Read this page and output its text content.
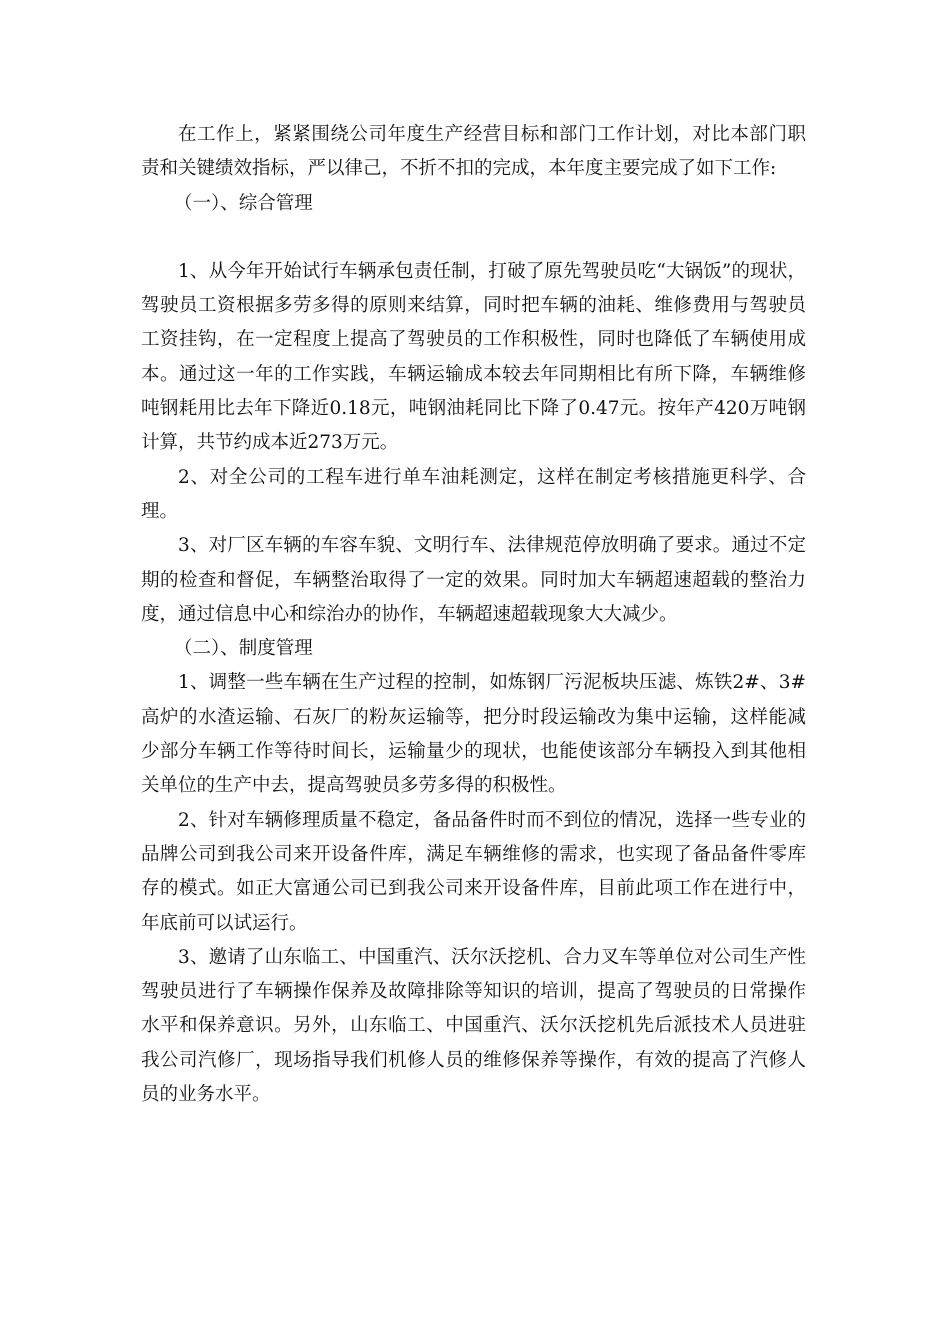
在工作上，紧紧围绕公司年度生产经营目标和部门工作计划，对比本部门职责和关键绩效指标，严以律己，不折不扣的完成，本年度主要完成了如下工作:

（一）、综合管理

1、从今年开始试行车辆承包责任制，打破了原先驾驶员吃“大锅饭”的现状，驾驶员工资根据多劳多得的原则来结算，同时把车辆的油耗、维修费用与驾驶员工资挂钩，在一定程度上提高了驾驶员的工作积极性，同时也降低了车辆使用成本。通过这一年的工作实践，车辆运输成本较去年同期相比有所下降，车辆维修吨钢耗用比去年下降近0.18元，吨钢油耗同比下降了0.47元。按年产420万吨钢计算，共节约成本近273万元。

2、对全公司的工程车进行单车油耗测定，这样在制定考核措施更科学、合理。

3、对厂区车辆的车容车貌、文明行车、法律规范停放明确了要求。通过不定期的检查和督促，车辆整治取得了一定的效果。同时加大车辆超速超载的整治力度，通过信息中心和综治办的协作，车辆超速超载现象大大减少。

（二）、制度管理

1、调整一些车辆在生产过程的控制，如炼钢厂污泥板块压滤、炼铁2#、3#高炉的水渣运输、石灰厂的粉灰运输等，把分时段运输改为集中运输，这样能减少部分车辆工作等待时间长，运输量少的现状，也能使该部分车辆投入到其他相关单位的生产中去，提高驾驶员多劳多得的积极性。

2、针对车辆修理质量不稳定，备品备件时而不到位的情况，选择一些专业的品牌公司到我公司来开设备件库，满足车辆维修的需求，也实现了备品备件零库存的模式。如正大富通公司已到我公司来开设备件库，目前此项工作在进行中，年底前可以试运行。

3、邀请了山东临工、中国重汽、沃尔沃挖机、合力叉车等单位对公司生产性驾驶员进行了车辆操作保养及故障排除等知识的培训，提高了驾驶员的日常操作水平和保养意识。另外，山东临工、中国重汽、沃尔沃挖机先后派技术人员进驻我公司汽修厂，现场指导我们机修人员的维修保养等操作，有效的提高了汽修人员的业务水平。
